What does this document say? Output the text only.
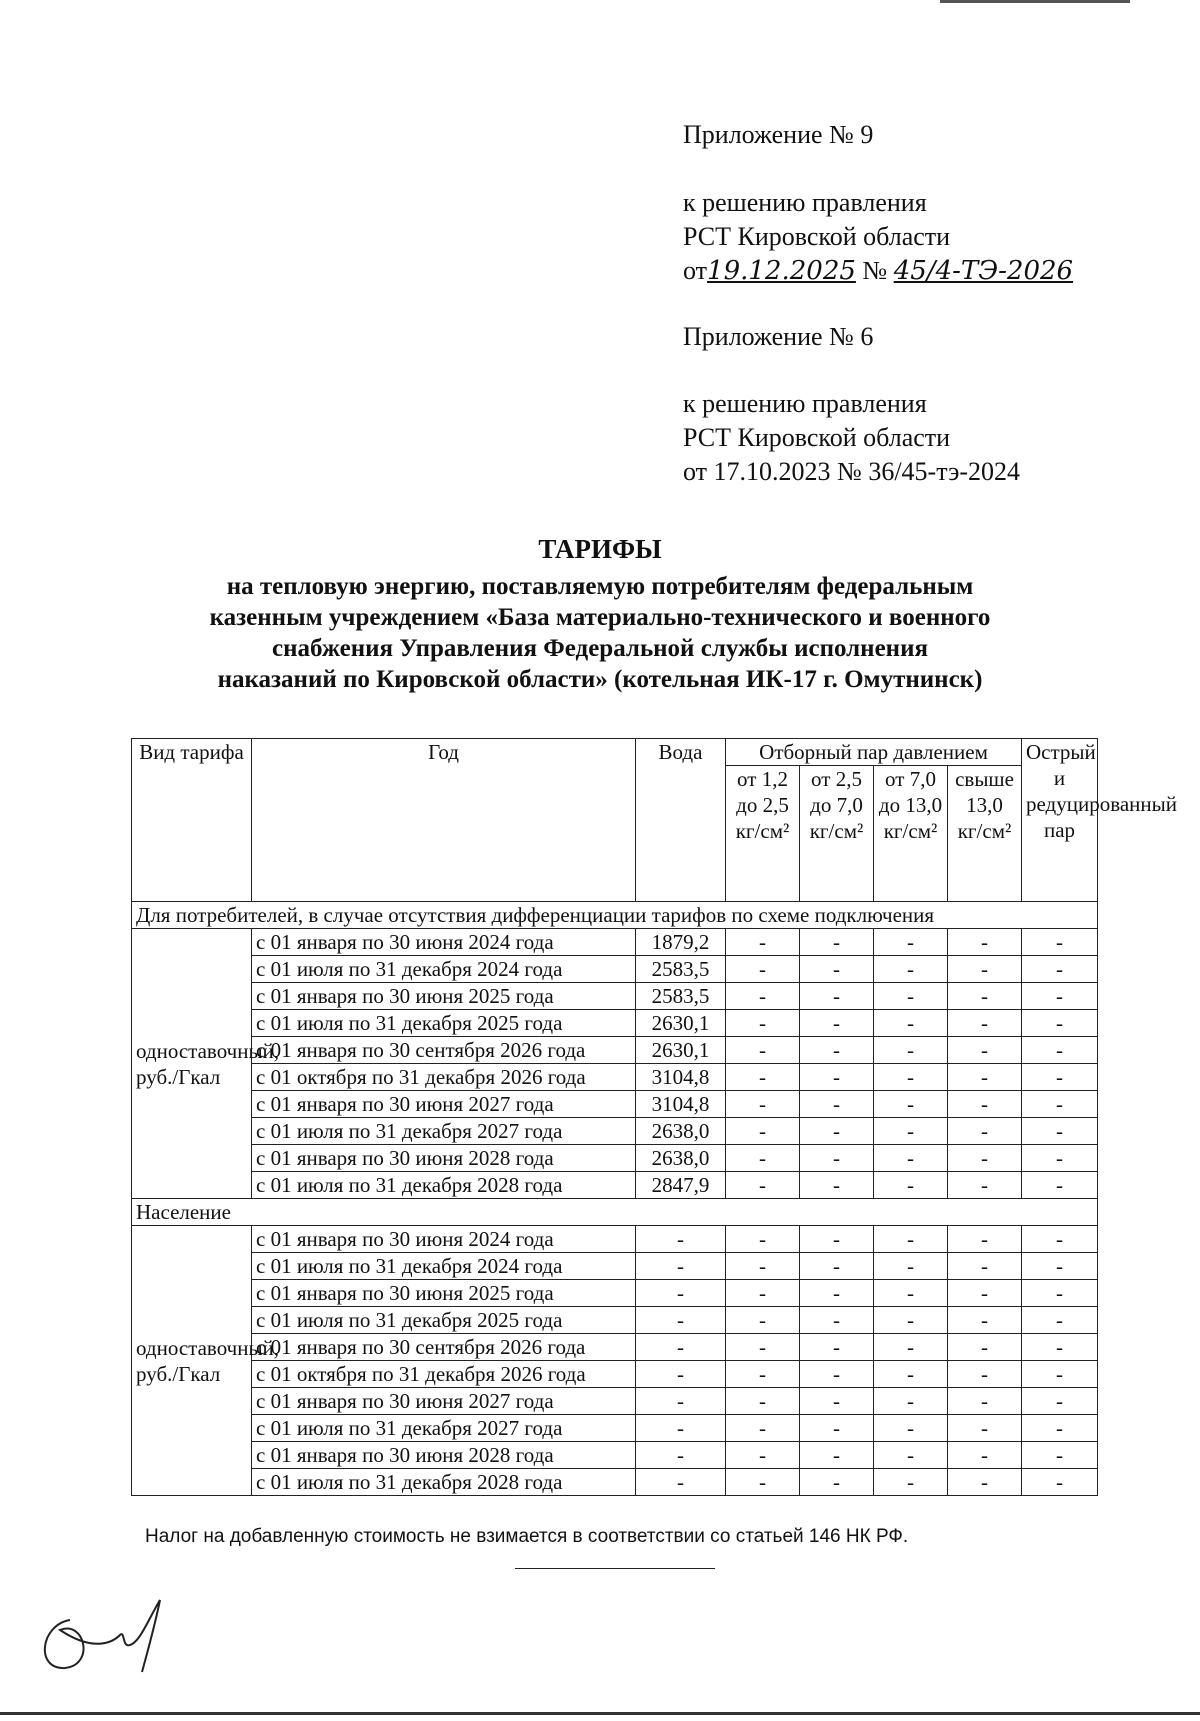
Приложение № 9
к решению правления
РСТ Кировской области
от19.12.2025 № 45/4-ТЭ-2026
Приложение № 6
к решению правления
РСТ Кировской области
от 17.10.2023 № 36/45-тэ-2024
ТАРИФЫ
на тепловую энергию, поставляемую потребителям федеральным
казенным учреждением «База материально-технического и военного
снабжения Управления Федеральной службы исполнения
наказаний по Кировской области» (котельная ИК-17 г. Омутнинск)
Вид тарифа	Год	Вода	Отборный пар давлением				Острый и редуцированный пар
			от 1,2 до 2,5 кг/см²	от 2,5 до 7,0 кг/см²	от 7,0 до 13,0 кг/см²	свыше 13,0 кг/см²	
Для потребителей, в случае отсутствия дифференциации тарифов по схеме подключения							
одноставочный, руб./Гкал	с 01 января по 30 июня 2024 года	1879,2	-	-	-	-	-
	с 01 июля по 31 декабря 2024 года	2583,5	-	-	-	-	-
	с 01 января по 30 июня 2025 года	2583,5	-	-	-	-	-
	с 01 июля по 31 декабря 2025 года	2630,1	-	-	-	-	-
	с 01 января по 30 сентября 2026 года	2630,1	-	-	-	-	-
	с 01 октября по 31 декабря 2026 года	3104,8	-	-	-	-	-
	с 01 января по 30 июня 2027 года	3104,8	-	-	-	-	-
	с 01 июля по 31 декабря 2027 года	2638,0	-	-	-	-	-
	с 01 января по 30 июня 2028 года	2638,0	-	-	-	-	-
	с 01 июля по 31 декабря 2028 года	2847,9	-	-	-	-	-
Население							
одноставочный, руб./Гкал	с 01 января по 30 июня 2024 года	-	-	-	-	-	-
	с 01 июля по 31 декабря 2024 года	-	-	-	-	-	-
	с 01 января по 30 июня 2025 года	-	-	-	-	-	-
	с 01 июля по 31 декабря 2025 года	-	-	-	-	-	-
	с 01 января по 30 сентября 2026 года	-	-	-	-	-	-
	с 01 октября по 31 декабря 2026 года	-	-	-	-	-	-
	с 01 января по 30 июня 2027 года	-	-	-	-	-	-
	с 01 июля по 31 декабря 2027 года	-	-	-	-	-	-
	с 01 января по 30 июня 2028 года	-	-	-	-	-	-
	с 01 июля по 31 декабря 2028 года	-	-	-	-	-	-
Налог на добавленную стоимость не взимается в соответствии со статьей 146 НК РФ.
